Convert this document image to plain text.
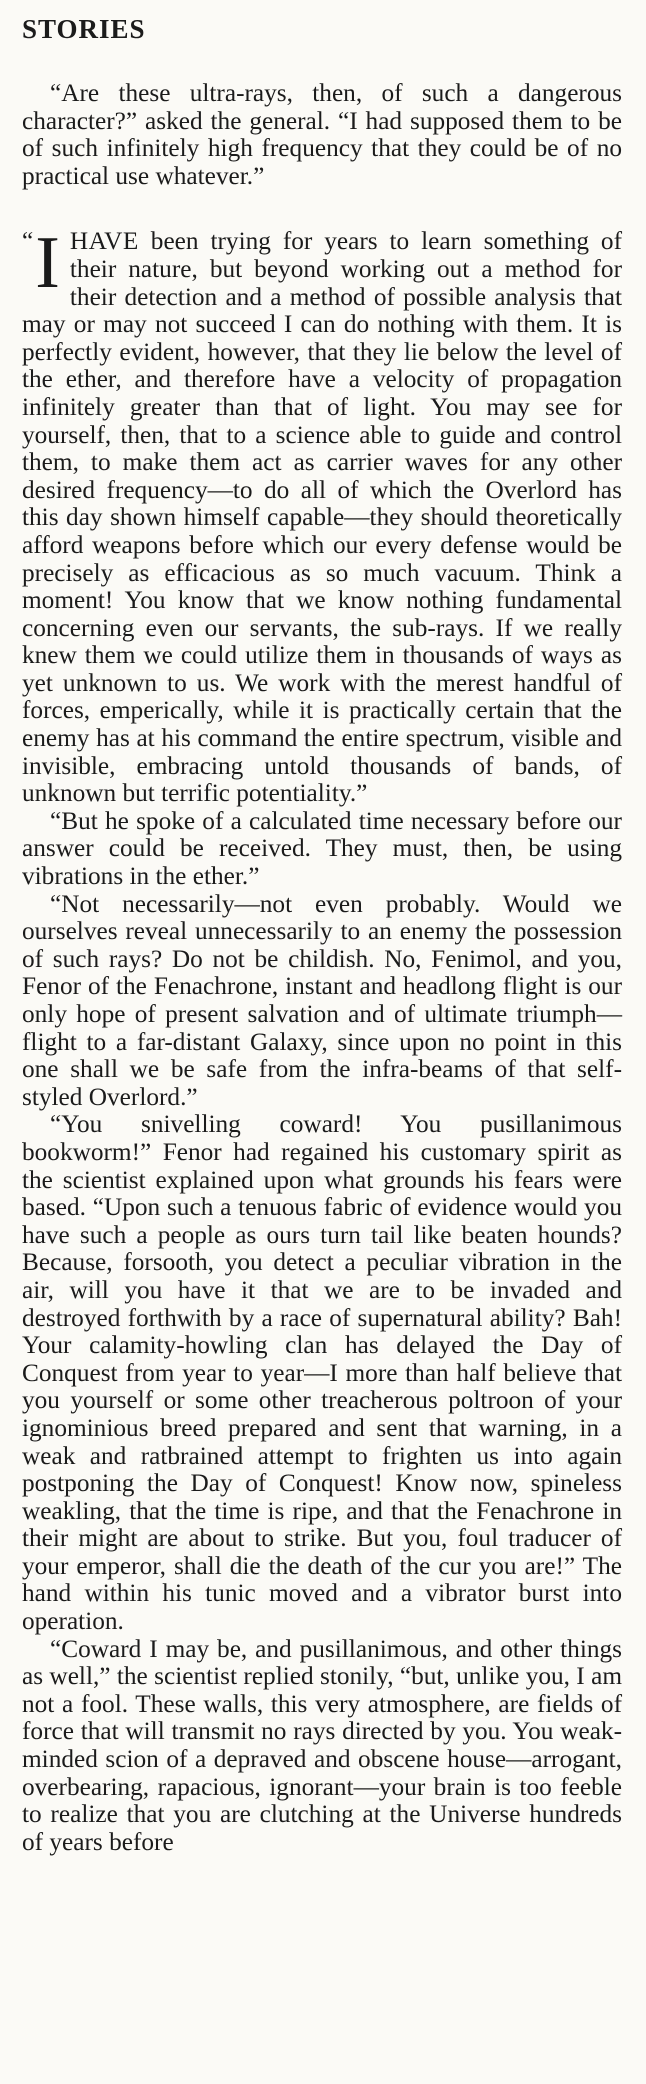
STORIES

“Are these ultra-rays, then, of such a dangerous character?” asked the general. “I had supposed them to be of such infinitely high frequency that they could be of no practical use whatever.”

“ I HAVE been trying for years to learn something of their nature, but beyond working out a method for their detection and a method of possible analysis that may or may not succeed I can do nothing with them. It is perfectly evident, however, that they lie below the level of the ether, and therefore have a velocity of propagation infinitely greater than that of light. You may see for yourself, then, that to a science able to guide and control them, to make them act as carrier waves for any other desired frequency—to do all of which the Overlord has this day shown himself capable—they should theoretically afford weapons before which our every defense would be precisely as efficacious as so much vacuum. Think a moment! You know that we know nothing fundamental concerning even our servants, the sub-rays. If we really knew them we could utilize them in thousands of ways as yet unknown to us. We work with the merest handful of forces, emperically, while it is practically certain that the enemy has at his command the entire spectrum, visible and invisible, embracing untold thousands of bands, of unknown but terrific potentiality.”

“But he spoke of a calculated time necessary before our answer could be received. They must, then, be using vibrations in the ether.”

“Not necessarily—not even probably. Would we ourselves reveal unnecessarily to an enemy the possession of such rays? Do not be childish. No, Fenimol, and you, Fenor of the Fenachrone, instant and headlong flight is our only hope of present salvation and of ultimate triumph—flight to a far-distant Galaxy, since upon no point in this one shall we be safe from the infra-beams of that self-styled Overlord.”

“You snivelling coward! You pusillanimous bookworm!” Fenor had regained his customary spirit as the scientist explained upon what grounds his fears were based. “Upon such a tenuous fabric of evidence would you have such a people as ours turn tail like beaten hounds? Because, forsooth, you detect a peculiar vibration in the air, will you have it that we are to be invaded and destroyed forthwith by a race of supernatural ability? Bah! Your calamity-howling clan has delayed the Day of Conquest from year to year—I more than half believe that you yourself or some other treacherous poltroon of your ignominious breed prepared and sent that warning, in a weak and ratbrained attempt to frighten us into again postponing the Day of Conquest! Know now, spineless weakling, that the time is ripe, and that the Fenachrone in their might are about to strike. But you, foul traducer of your emperor, shall die the death of the cur you are!” The hand within his tunic moved and a vibrator burst into operation.

“Coward I may be, and pusillanimous, and other things as well,” the scientist replied stonily, “but, unlike you, I am not a fool. These walls, this very atmosphere, are fields of force that will transmit no rays directed by you. You weak-minded scion of a depraved and obscene house—arrogant, overbearing, rapacious, ignorant—your brain is too feeble to realize that you are clutching at the Universe hundreds of years before
